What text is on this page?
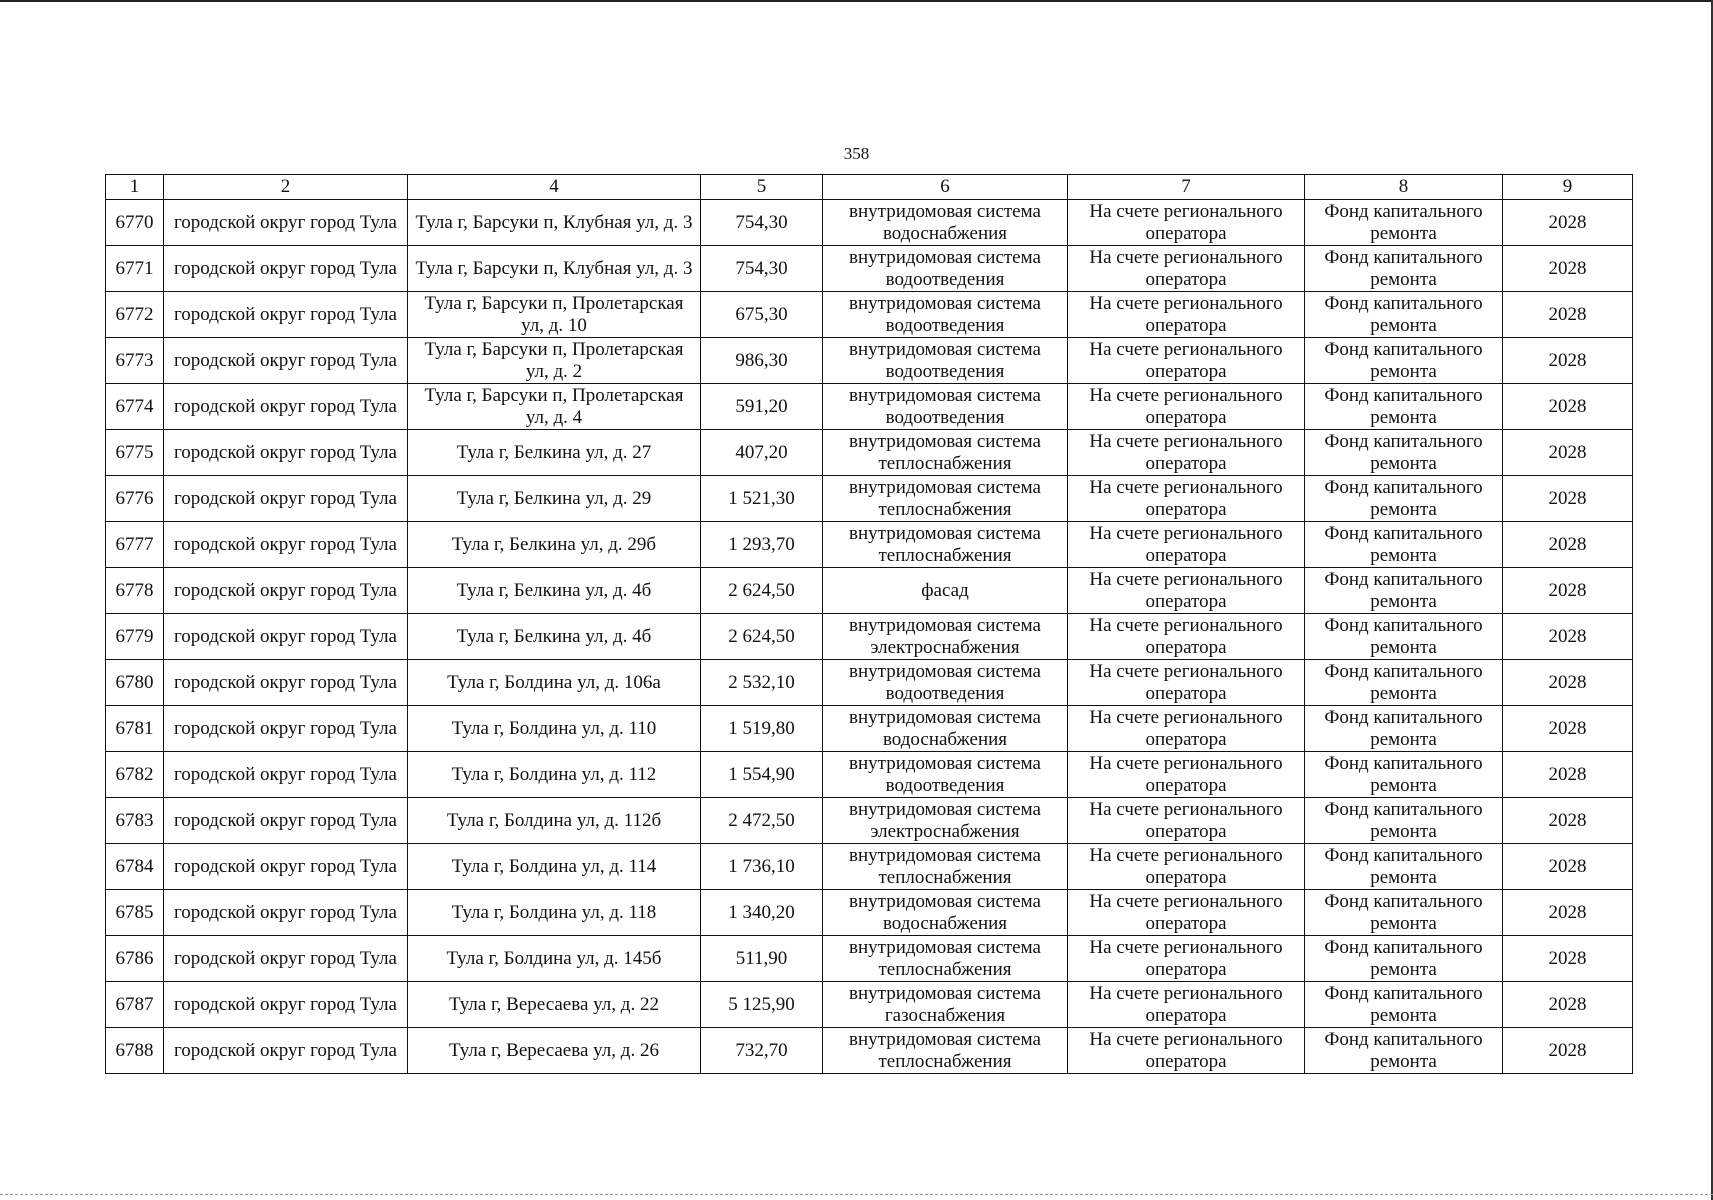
358
1	2	4	5	6	7	8	9
6770	городской округ город Тула	Тула г, Барсуки п, Клубная ул, д. 3	754,30	внутридомовая система водоснабжения	На счете регионального оператора	Фонд капитального ремонта	2028
6771	городской округ город Тула	Тула г, Барсуки п, Клубная ул, д. 3	754,30	внутридомовая система водоотведения	На счете регионального оператора	Фонд капитального ремонта	2028
6772	городской округ город Тула	Тула г, Барсуки п, Пролетарская ул, д. 10	675,30	внутридомовая система водоотведения	На счете регионального оператора	Фонд капитального ремонта	2028
6773	городской округ город Тула	Тула г, Барсуки п, Пролетарская ул, д. 2	986,30	внутридомовая система водоотведения	На счете регионального оператора	Фонд капитального ремонта	2028
6774	городской округ город Тула	Тула г, Барсуки п, Пролетарская ул, д. 4	591,20	внутридомовая система водоотведения	На счете регионального оператора	Фонд капитального ремонта	2028
6775	городской округ город Тула	Тула г, Белкина ул, д. 27	407,20	внутридомовая система теплоснабжения	На счете регионального оператора	Фонд капитального ремонта	2028
6776	городской округ город Тула	Тула г, Белкина ул, д. 29	1 521,30	внутридомовая система теплоснабжения	На счете регионального оператора	Фонд капитального ремонта	2028
6777	городской округ город Тула	Тула г, Белкина ул, д. 29б	1 293,70	внутридомовая система теплоснабжения	На счете регионального оператора	Фонд капитального ремонта	2028
6778	городской округ город Тула	Тула г, Белкина ул, д. 4б	2 624,50	фасад	На счете регионального оператора	Фонд капитального ремонта	2028
6779	городской округ город Тула	Тула г, Белкина ул, д. 4б	2 624,50	внутридомовая система электроснабжения	На счете регионального оператора	Фонд капитального ремонта	2028
6780	городской округ город Тула	Тула г, Болдина ул, д. 106а	2 532,10	внутридомовая система водоотведения	На счете регионального оператора	Фонд капитального ремонта	2028
6781	городской округ город Тула	Тула г, Болдина ул, д. 110	1 519,80	внутридомовая система водоснабжения	На счете регионального оператора	Фонд капитального ремонта	2028
6782	городской округ город Тула	Тула г, Болдина ул, д. 112	1 554,90	внутридомовая система водоотведения	На счете регионального оператора	Фонд капитального ремонта	2028
6783	городской округ город Тула	Тула г, Болдина ул, д. 112б	2 472,50	внутридомовая система электроснабжения	На счете регионального оператора	Фонд капитального ремонта	2028
6784	городской округ город Тула	Тула г, Болдина ул, д. 114	1 736,10	внутридомовая система теплоснабжения	На счете регионального оператора	Фонд капитального ремонта	2028
6785	городской округ город Тула	Тула г, Болдина ул, д. 118	1 340,20	внутридомовая система водоснабжения	На счете регионального оператора	Фонд капитального ремонта	2028
6786	городской округ город Тула	Тула г, Болдина ул, д. 145б	511,90	внутридомовая система теплоснабжения	На счете регионального оператора	Фонд капитального ремонта	2028
6787	городской округ город Тула	Тула г, Вересаева ул, д. 22	5 125,90	внутридомовая система газоснабжения	На счете регионального оператора	Фонд капитального ремонта	2028
6788	городской округ город Тула	Тула г, Вересаева ул, д. 26	732,70	внутридомовая система теплоснабжения	На счете регионального оператора	Фонд капитального ремонта	2028
